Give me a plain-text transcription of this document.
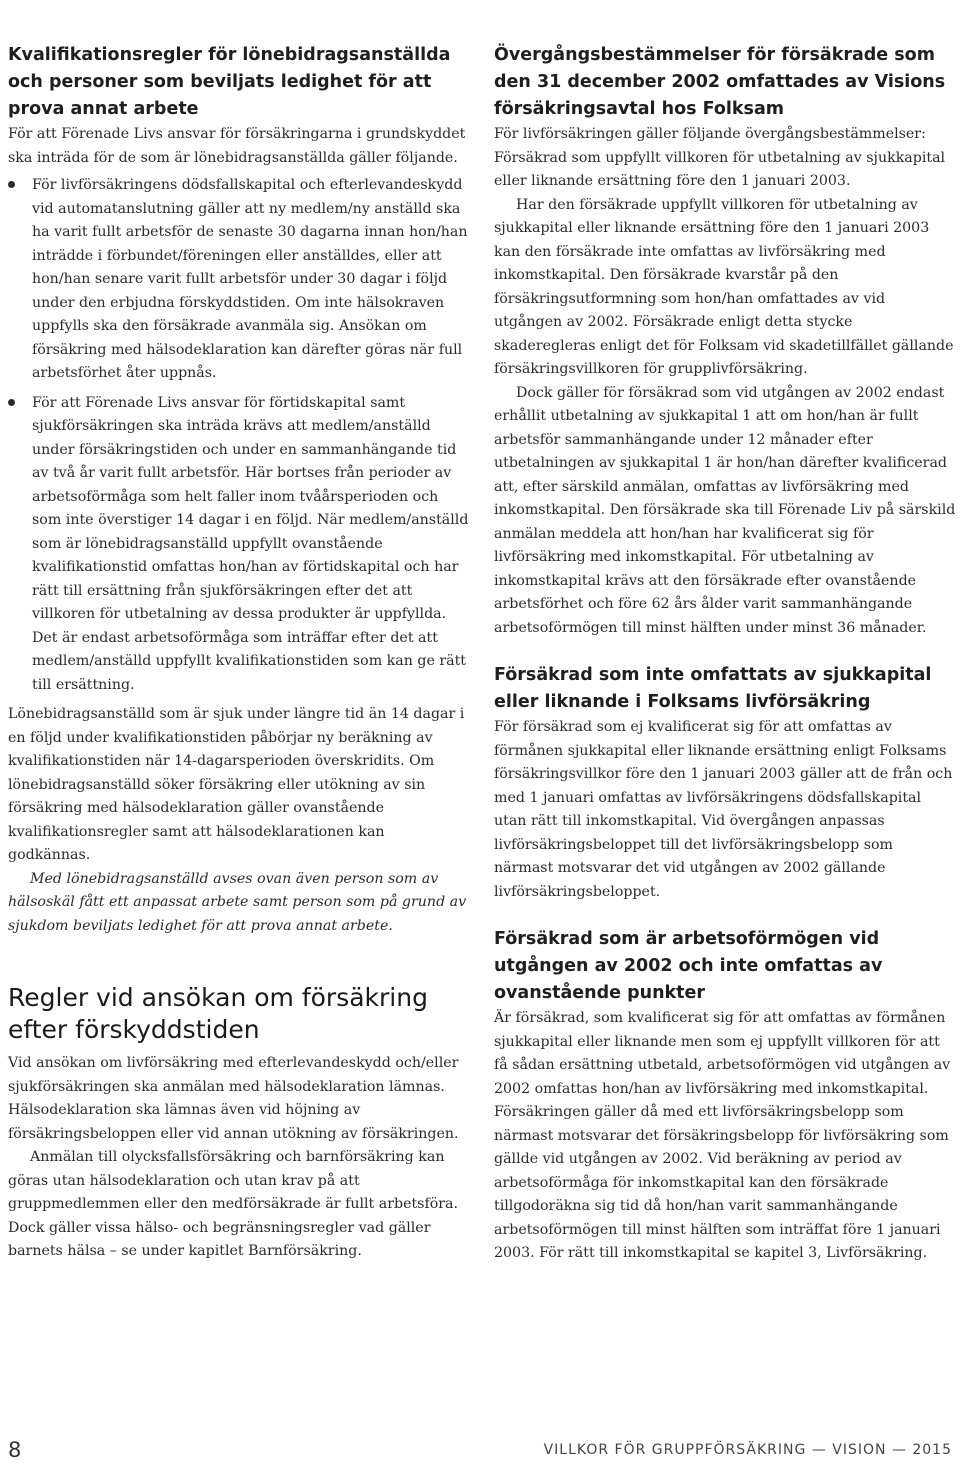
Kvalifikationsregler för lönebidragsanställda och personer som beviljats ledighet för att prova annat arbete

För att Förenade Livs ansvar för försäkringarna i grundskyddet ska inträda för de som är lönebidragsanställda gäller följande.

För livförsäkringens dödsfallskapital och efterlevandeskydd vid automatanslutning gäller att ny medlem/ny anställd ska ha varit fullt arbetsför de senaste 30 dagarna innan hon/han inträdde i förbundet/föreningen eller anställdes, eller att hon/han senare varit fullt arbetsför under 30 dagar i följd under den erbjudna förskyddstiden. Om inte hälsokraven uppfylls ska den försäkrade avanmäla sig. Ansökan om försäkring med hälsodeklaration kan därefter göras när full arbetsförhet åter uppnås.
För att Förenade Livs ansvar för förtidskapital samt sjukförsäkringen ska inträda krävs att medlem/anställd under försäkringstiden och under en sammanhängande tid av två år varit fullt arbetsför. Här bortses från perioder av arbetsoförmåga som helt faller inom tvåårsperioden och som inte överstiger 14 dagar i en följd. När medlem/anställd som är lönebidragsanställd uppfyllt ovanstående kvalifikationstid omfattas hon/han av förtidskapital och har rätt till ersättning från sjukförsäkringen efter det att villkoren för utbetalning av dessa produkter är uppfyllda. Det är endast arbetsoförmåga som inträffar efter det att medlem/anställd uppfyllt kvalifikationstiden som kan ge rätt till ersättning.

Lönebidragsanställd som är sjuk under längre tid än 14 dagar i en följd under kvalifikationstiden påbörjar ny beräkning av kvalifikationstiden när 14-dagarsperioden överskridits. Om lönebidragsanställd söker försäkring eller utökning av sin försäkring med hälsodeklaration gäller ovanstående kvalifikationsregler samt att hälsodeklarationen kan godkännas.

Med lönebidragsanställd avses ovan även person som av hälsoskäl fått ett anpassat arbete samt person som på grund av sjukdom beviljats ledighet för att prova annat arbete.

Regler vid ansökan om försäkring efter förskyddstiden

Vid ansökan om livförsäkring med efterlevandeskydd och/eller sjukförsäkringen ska anmälan med hälsodeklaration lämnas. Hälsodeklaration ska lämnas även vid höjning av försäkringsbeloppen eller vid annan utökning av försäkringen.

Anmälan till olycksfallsförsäkring och barnförsäkring kan göras utan hälsodeklaration och utan krav på att gruppmedlemmen eller den medförsäkrade är fullt arbetsföra. Dock gäller vissa hälso- och begränsningsregler vad gäller barnets hälsa – se under kapitlet Barnförsäkring.

Övergångsbestämmelser för försäkrade som den 31 december 2002 omfattades av Visions försäkringsavtal hos Folksam

För livförsäkringen gäller följande övergångsbestämmelser: Försäkrad som uppfyllt villkoren för utbetalning av sjukkapital eller liknande ersättning före den 1 januari 2003.

Har den försäkrade uppfyllt villkoren för utbetalning av sjukkapital eller liknande ersättning före den 1 januari 2003 kan den försäkrade inte omfattas av livförsäkring med inkomstkapital. Den försäkrade kvarstår på den försäkringsutformning som hon/han omfattades av vid utgången av 2002. Försäkrade enligt detta stycke skaderegleras enligt det för Folksam vid skadetillfället gällande försäkringsvillkoren för grupplivförsäkring.

Dock gäller för försäkrad som vid utgången av 2002 endast erhållit utbetalning av sjukkapital 1 att om hon/han är fullt arbetsför sammanhängande under 12 månader efter utbetalningen av sjukkapital 1 är hon/han därefter kvalificerad att, efter särskild anmälan, omfattas av livförsäkring med inkomstkapital. Den försäkrade ska till Förenade Liv på särskild anmälan meddela att hon/han har kvalificerat sig för livförsäkring med inkomstkapital. För utbetalning av inkomstkapital krävs att den försäkrade efter ovanstående arbetsförhet och före 62 års ålder varit sammanhängande arbetsoförmögen till minst hälften under minst 36 månader.

Försäkrad som inte omfattats av sjukkapital eller liknande i Folksams livförsäkring

För försäkrad som ej kvalificerat sig för att omfattas av förmånen sjukkapital eller liknande ersättning enligt Folksams försäkringsvillkor före den 1 januari 2003 gäller att de från och med 1 januari omfattas av livförsäkringens dödsfallskapital utan rätt till inkomstkapital. Vid övergången anpassas livförsäkringsbeloppet till det livförsäkringsbelopp som närmast motsvarar det vid utgången av 2002 gällande livförsäkringsbeloppet.

Försäkrad som är arbetsoförmögen vid utgången av 2002 och inte omfattas av ovanstående punkter

Är försäkrad, som kvalificerat sig för att omfattas av förmånen sjukkapital eller liknande men som ej uppfyllt villkoren för att få sådan ersättning utbetald, arbetsoförmögen vid utgången av 2002 omfattas hon/han av livförsäkring med inkomstkapital. Försäkringen gäller då med ett livförsäkringsbelopp som närmast motsvarar det försäkringsbelopp för livförsäkring som gällde vid utgången av 2002. Vid beräkning av period av arbetsoförmåga för inkomstkapital kan den försäkrade tillgodoräkna sig tid då hon/han varit sammanhängande arbetsoförmögen till minst hälften som inträffat före 1 januari 2003. För rätt till inkomstkapital se kapitel 3, Livförsäkring.

8	VILLKOR FÖR GRUPPFÖRSÄKRING — VISION — 2015
